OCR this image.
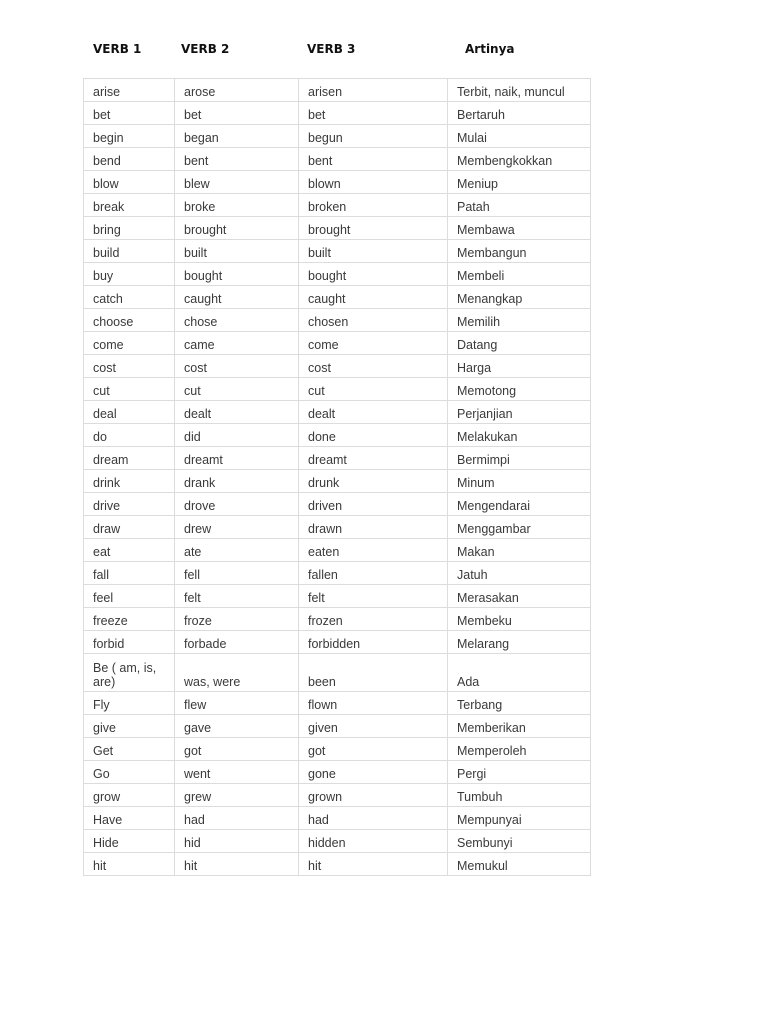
VERB 1	VERB 2	VERB 3	Artinya
arise	arose	arisen	Terbit, naik, muncul
bet	bet	bet	Bertaruh
begin	began	begun	Mulai
bend	bent	bent	Membengkokkan
blow	blew	blown	Meniup
break	broke	broken	Patah
bring	brought	brought	Membawa
build	built	built	Membangun
buy	bought	bought	Membeli
catch	caught	caught	Menangkap
choose	chose	chosen	Memilih
come	came	come	Datang
cost	cost	cost	Harga
cut	cut	cut	Memotong
deal	dealt	dealt	Perjanjian
do	did	done	Melakukan
dream	dreamt	dreamt	Bermimpi
drink	drank	drunk	Minum
drive	drove	driven	Mengendarai
draw	drew	drawn	Menggambar
eat	ate	eaten	Makan
fall	fell	fallen	Jatuh
feel	felt	felt	Merasakan
freeze	froze	frozen	Membeku
forbid	forbade	forbidden	Melarang
Be ( am, is, are)	was, were	been	Ada
Fly	flew	flown	Terbang
give	gave	given	Memberikan
Get	got	got	Memperoleh
Go	went	gone	Pergi
grow	grew	grown	Tumbuh
Have	had	had	Mempunyai
Hide	hid	hidden	Sembunyi
hit	hit	hit	Memukul
